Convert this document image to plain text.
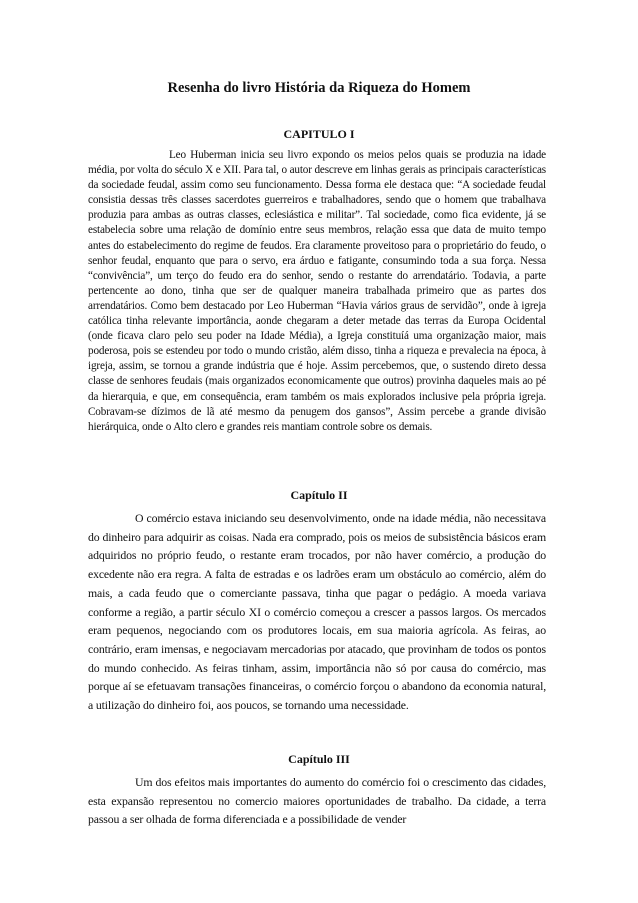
Resenha do livro História da Riqueza do Homem
CAPITULO I

Leo Huberman inicia seu livro expondo os meios pelos quais se produzia na idade média, por volta do século X e XII. Para tal, o autor descreve em linhas gerais as principais características da sociedade feudal, assim como seu funcionamento. Dessa forma ele destaca que: “A sociedade feudal consistia dessas três classes sacerdotes guerreiros e trabalhadores, sendo que o homem que trabalhava produzia para ambas as outras classes, eclesiástica e militar”. Tal sociedade, como fica evidente, já se estabelecia sobre uma relação de domínio entre seus membros, relação essa que data de muito tempo antes do estabelecimento do regime de feudos. Era claramente proveitoso para o proprietário do feudo, o senhor feudal, enquanto que para o servo, era árduo e fatigante, consumindo toda a sua força. Nessa “convivência”, um terço do feudo era do senhor, sendo o restante do arrendatário. Todavia, a parte pertencente ao dono, tinha que ser de qualquer maneira trabalhada primeiro que as partes dos arrendatários. Como bem destacado por Leo Huberman “Havia vários graus de servidão”, onde à igreja católica tinha relevante importância, aonde chegaram a deter metade das terras da Europa Ocidental (onde ficava claro pelo seu poder na Idade Média), a Igreja constituíá uma organização maior, mais poderosa, pois se estendeu por todo o mundo cristão, além disso, tinha a riqueza e prevalecia na época, à igreja, assim, se tornou a grande indústria que é hoje. Assim percebemos, que, o sustendo direto dessa classe de senhores feudais (mais organizados economicamente que outros) provinha daqueles mais ao pé da hierarquia, e que, em consequência, eram também os mais explorados inclusive pela própria igreja. Cobravam-se dízimos de lã até mesmo da penugem dos gansos”, Assim percebe a grande divisão hierárquica, onde o Alto clero e grandes reis mantiam controle sobre os demais.

Capítulo II

O comércio estava iniciando seu desenvolvimento, onde na idade média, não necessitava do dinheiro para adquirir as coisas. Nada era comprado, pois os meios de subsistência básicos eram adquiridos no próprio feudo, o restante eram trocados, por não haver comércio, a produção do excedente não era regra. A falta de estradas e os ladrões eram um obstáculo ao comércio, além do mais, a cada feudo que o comerciante passava, tinha que pagar o pedágio. A moeda variava conforme a região, a partir século XI o comércio começou a crescer a passos largos. Os mercados eram pequenos, negociando com os produtores locais, em sua maioria agrícola. As feiras, ao contrário, eram imensas, e negociavam mercadorias por atacado, que provinham de todos os pontos do mundo conhecido. As feiras tinham, assim, importância não só por causa do comércio, mas porque aí se efetuavam transações financeiras, o comércio forçou o abandono da economia natural, a utilização do dinheiro foi, aos poucos, se tornando uma necessidade.

Capítulo III

Um dos efeitos mais importantes do aumento do comércio foi o crescimento das cidades, esta expansão representou no comercio maiores oportunidades de trabalho. Da cidade, a terra passou a ser olhada de forma diferenciada e a possibilidade de vender
